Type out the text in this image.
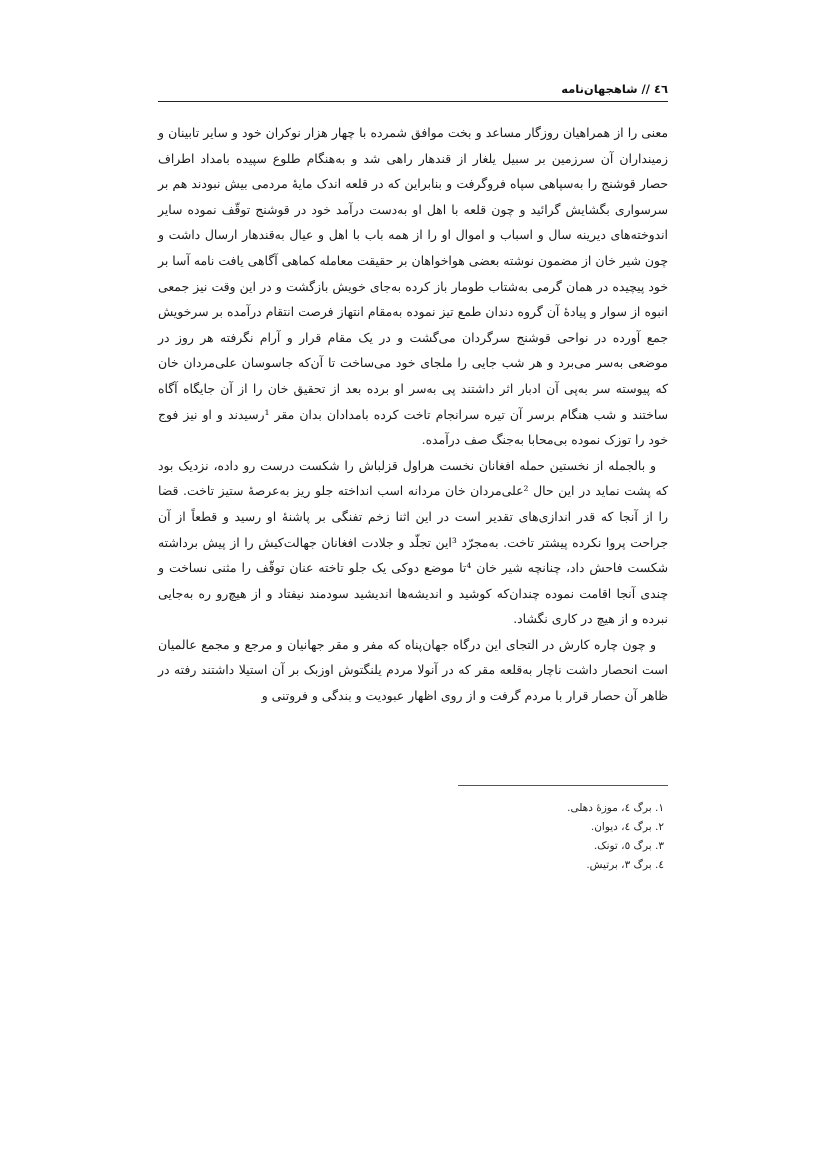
٤٦ // شاهجهان‌نامه

معنی را از همراهیان روزگار مساعد و بخت موافق شمرده با چهار هزار نوکران خود و سایر تابینان و زمینداران آن سرزمین بر سبیل یلغار از قندهار راهی شد و به‌هنگام طلوع سپیده بامداد اطراف حصار قوشنج را به‌سپاهی سپاه فروگرفت و بنابراین که در قلعه اندک مایهٔ مردمی بیش نبودند هم بر سرسواری بگشایش گرائید و چون قلعه با اهل او به‌دست درآمد خود در قوشنج توقّف نموده سایر اندوخته‌های دیرینه سال و اسباب و اموال او را از همه باب با اهل و عیال به‌قندهار ارسال داشت و چون شیر خان از مضمون نوشته بعضی هواخواهان بر حقیقت معامله کماهی آگاهی یافت نامه آسا بر خود پیچیده در همان گرمی به‌شتاب طومار باز کرده به‌جای خویش بازگشت و در این وقت نیز جمعی انبوه از سوار و پیادهٔ آن گروه دندان طمع تیز نموده به‌مقام انتهاز فرصت انتقام درآمده بر سرخویش جمع آورده در نواحی قوشنج سرگردان می‌گشت و در یک مقام قرار و آرام نگرفته هر روز در موضعی به‌سر می‌برد و هر شب جایی را ملجای خود می‌ساخت تا آن‌که جاسوسان علی‌مردان خان که پیوسته سر به‌پی آن ادبار اثر داشتند پی به‌سر او برده بعد از تحقیق خان را از آن جایگاه آگاه ساختند و شب هنگام برسر آن تیره سرانجام تاخت کرده بامدادان بدان مقر ¹رسیدند و او نیز فوج خود را توزک نموده بی‌محابا به‌جنگ صف درآمده.

و بالجمله از نخستین حمله افغانان نخست هراول قزلباش را شکست درست رو داده، نزدیک بود که پشت نماید در این حال ²علی‌مردان خان مردانه اسب انداخته جلو ریز به‌عرصهٔ ستیز تاخت. قضا را از آنجا که قدر اندازی‌های تقدیر است در این اثنا زخم تفنگی بر پاشنهٔ او رسید و قطعاً از آن جراحت پروا نکرده پیشتر تاخت. به‌مجرّد ³این تجلّد و جلادت افغانان جهالت‌کیش را از پیش برداشته شکست فاحش داد، چنانچه شیر خان ⁴تا موضع دوکی یک جلو تاخته عنان توقّف را مثنی نساخت و چندی آنجا اقامت نموده چندان‌که کوشید و اندیشه‌ها اندیشید سودمند نیفتاد و از هیچ‌رو ره به‌جایی نبرده و از هیچ در کاری نگشاد.

و چون چاره کارش در التجای این درگاه جهان‌پناه که مفر و مقر جهانیان و مرجع و مجمع عالمیان است انحصار داشت ناچار به‌قلعه مقر که در آنولا مردم یلنگتوش اوزبک بر آن استیلا داشتند رفته در ظاهر آن حصار قرار با مردم گرفت و از روی اظهار عبودیت و بندگی و فروتنی و

١. برگ ٤، موزهٔ دهلی.
٢. برگ ٤، دیوان.
٣. برگ ٥، تونک.
٤. برگ ٣، برتیش.
